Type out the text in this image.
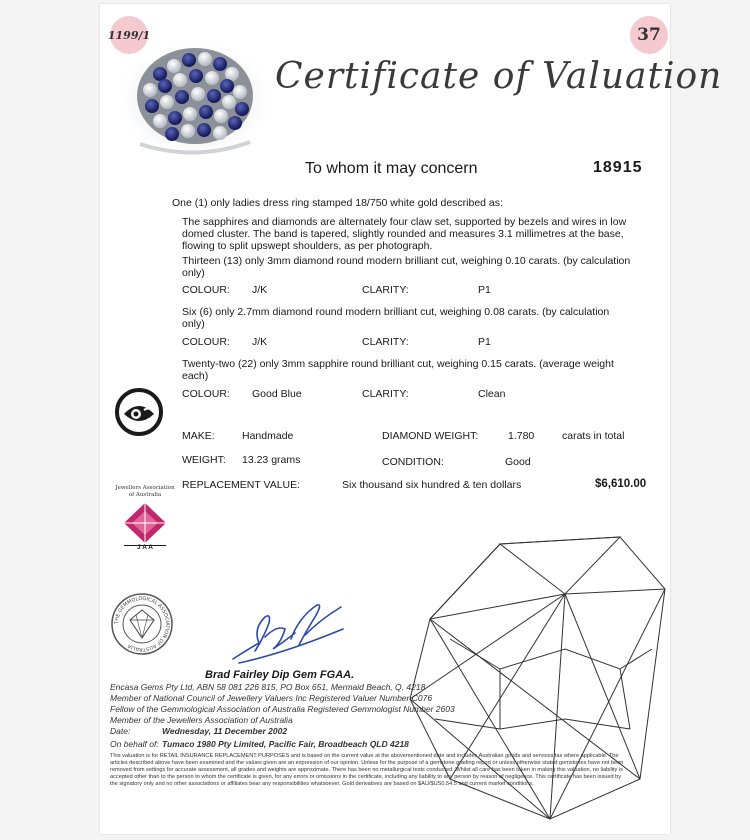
1199/1	37
Certificate of Valuation
To whom it may concern	18915
One (1) only ladies dress ring stamped 18/750 white gold described as:
The sapphires and diamonds are alternately four claw set, supported by bezels and wires in low domed cluster. The band is tapered, slightly rounded and measures 3.1 millimetres at the base, flowing to split upswept shoulders, as per photograph.
Thirteen (13) only 3mm diamond round modern brilliant cut, weighing 0.10 carats. (by calculation only)
COLOUR: J/K	CLARITY:	P1
Six (6) only 2.7mm diamond round modern brilliant cut, weighing 0.08 carats. (by calculation only)
COLOUR: J/K	CLARITY:	P1
Twenty-two (22) only 3mm sapphire round brilliant cut, weighing 0.15 carats. (average weight each)
COLOUR: Good Blue	CLARITY:	Clean
MAKE:	Handmade	DIAMOND WEIGHT:	1.780	carats in total
WEIGHT: 13.23 grams	CONDITION:	Good
REPLACEMENT VALUE:	Six thousand six hundred & ten dollars	$6,610.00
Jewellers Association
of Australia
J A A
THE GEMMOLOGICAL ASSOCIATION OF AUSTRALIA
Brad Fairley Dip Gem FGAA.
Encasa Gems Pty Ltd, ABN 58 081 226 815, PO Box 651, Mermaid Beach, Q. 4218
Member of National Council of Jewellery Valuers Inc Registered Valuer Number C076
Fellow of the Gemmological Association of Australia Registered Gemmologist Number 2603
Member of the Jewellers Association of Australia
Date:	Wednesday, 11 December 2002
On behalf of: Tumaco 1980 Pty Limited, Pacific Fair, Broadbeach QLD 4218
This valuation is for RETAIL INSURANCE REPLACEMENT PURPOSES and is based on the current value at the abovementioned date and includes Australian goods and services tax where applicable. The articles described above have been examined and the values given are an expression of our opinion. Unless for the purpose of a gemstone grading report or unless otherwise stated gemstones have not been removed from settings for accurate assessment, all grades and weights are approximate. There has been no metallurgical tests conducted. Whilst all care has been taken in making this valuation, no liability is accepted other than to the person to whom the certificate is given, for any errors or omissions in the certificate, including any liability to any person by reason of negligence. This certificate has been issued by the signatory only and no other associations or affiliates bear any responsibilities whatsoever. Gold derivatives are based on $AU/$US0.54.5 and current market conditions.
